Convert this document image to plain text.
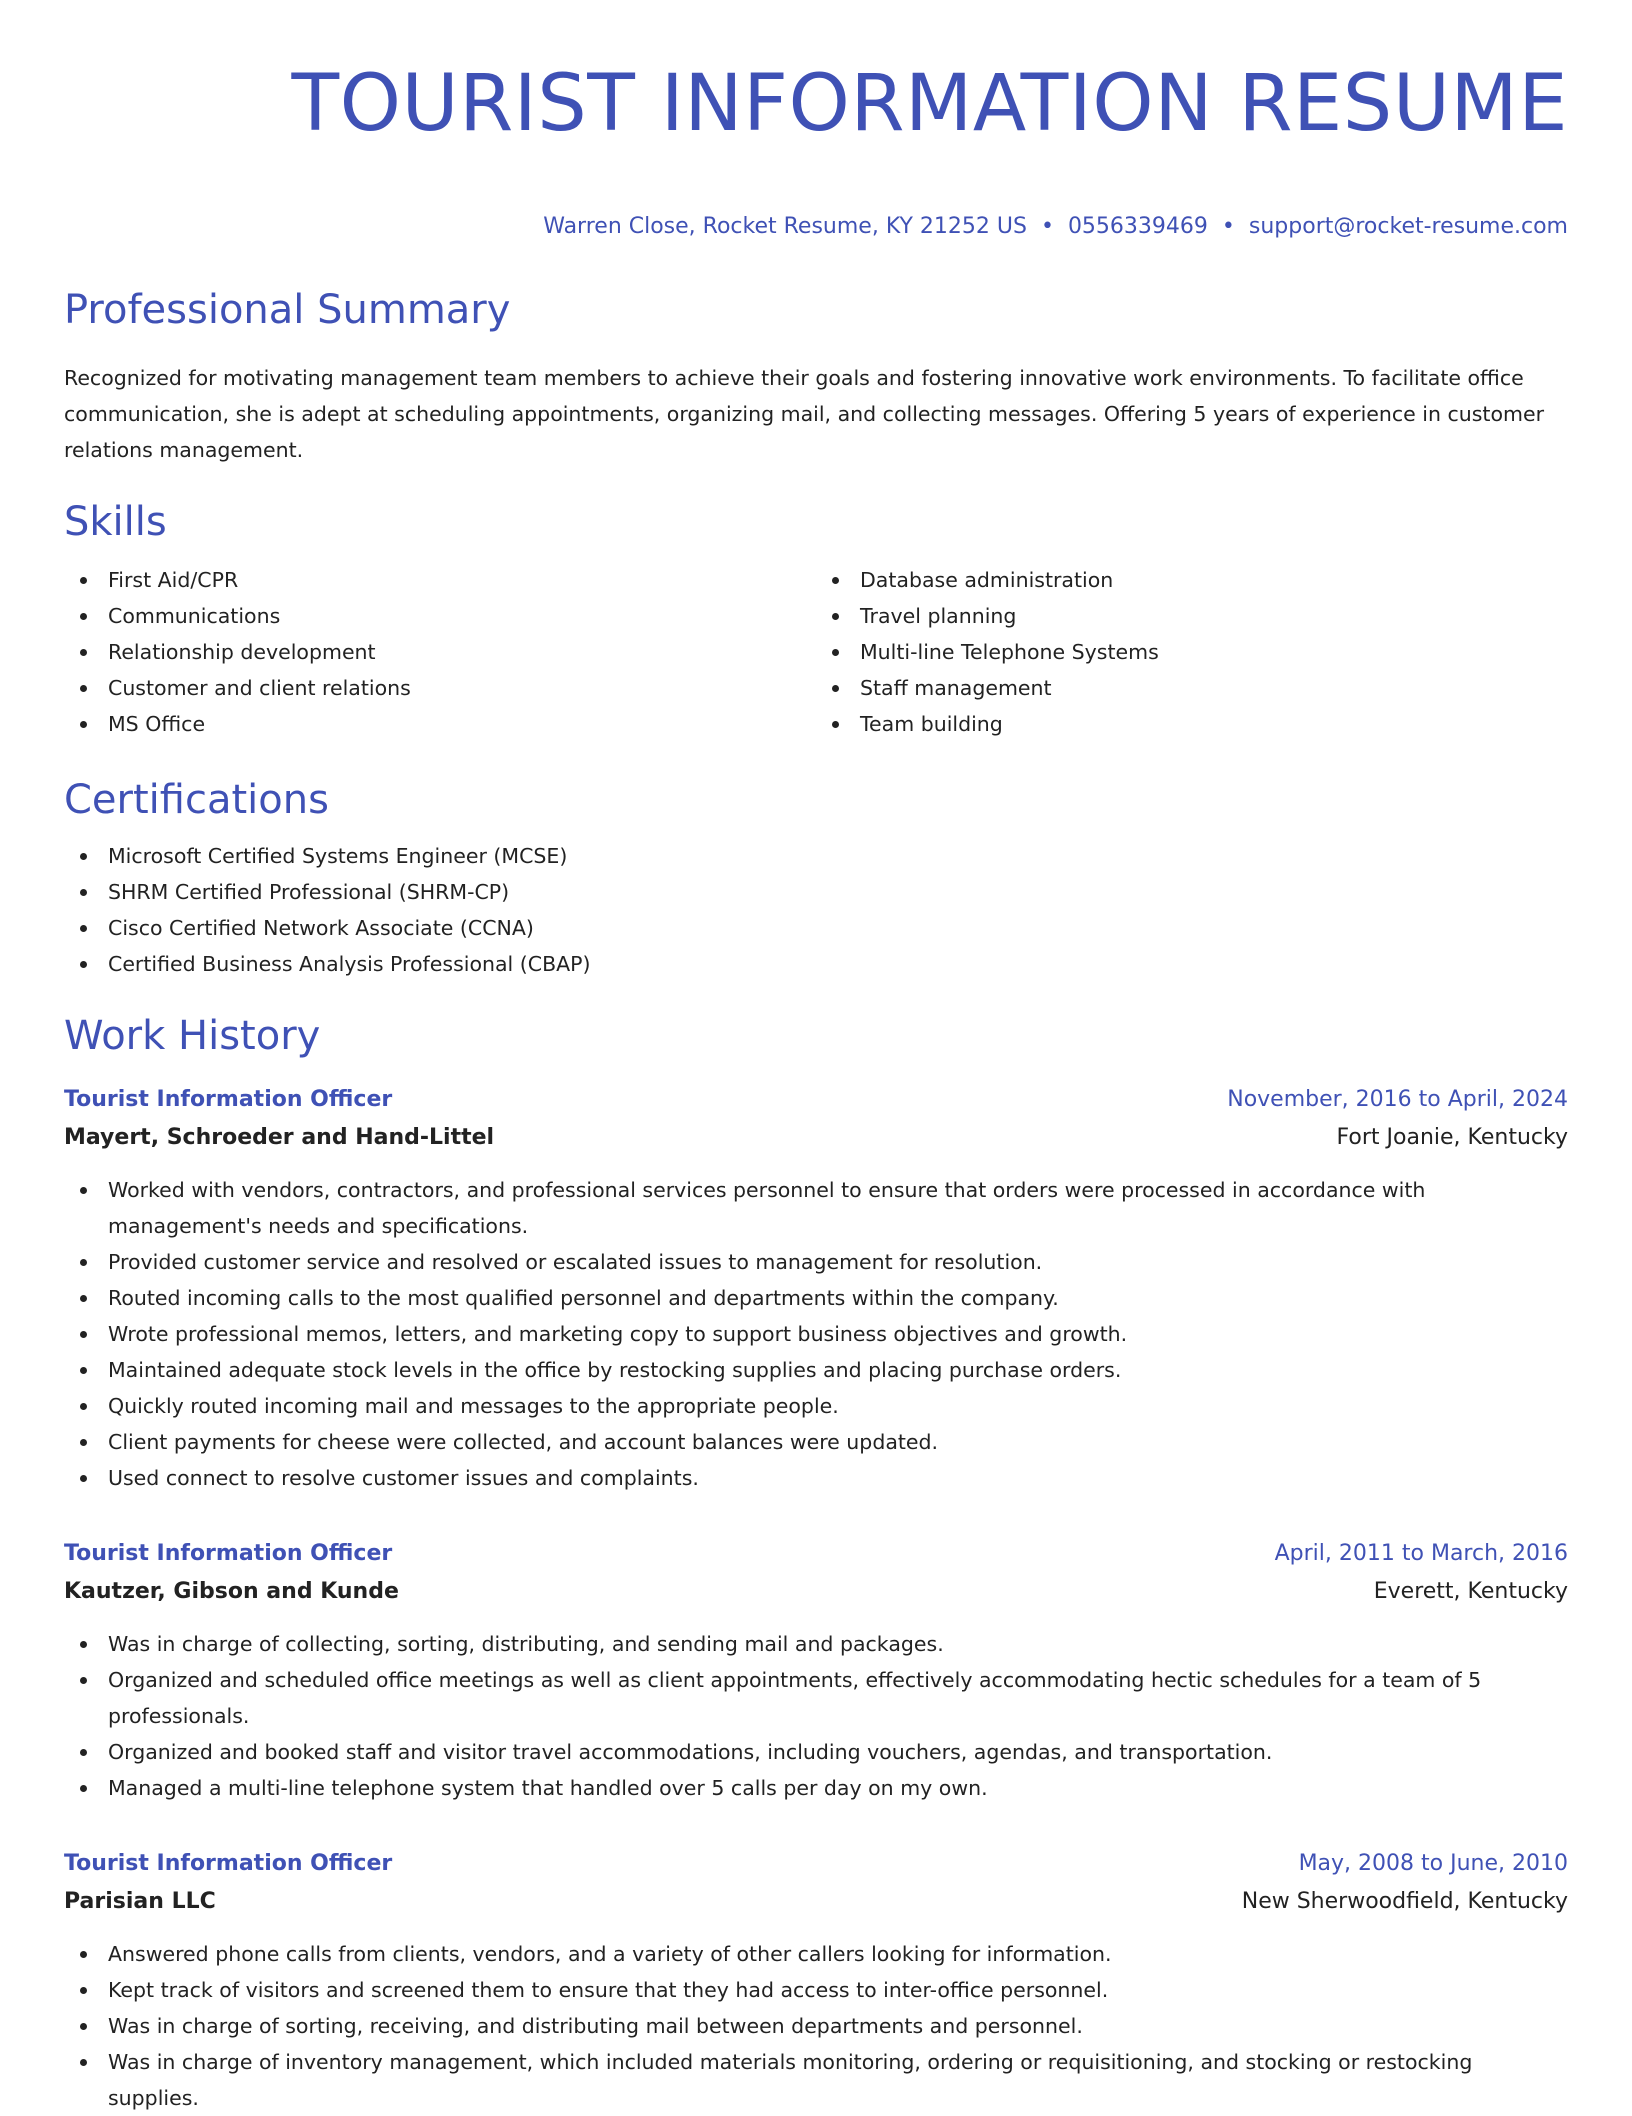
TOURIST INFORMATION RESUME
Warren Close, Rocket Resume, KY 21252 US • 0556339469 • support@rocket-resume.com
Professional Summary

Recognized for motivating management team members to achieve their goals and fostering innovative work environments. To facilitate office communication, she is adept at scheduling appointments, organizing mail, and collecting messages. Offering 5 years of experience in customer relations management.

Skills
First Aid/CPR
Communications
Relationship development
Customer and client relations
MS Office
Database administration
Travel planning
Multi-line Telephone Systems
Staff management
Team building
Certifications
Microsoft Certified Systems Engineer (MCSE)
SHRM Certified Professional (SHRM-CP)
Cisco Certified Network Associate (CCNA)
Certified Business Analysis Professional (CBAP)
Work History
Tourist Information Officer	November, 2016 to April, 2024
Mayert, Schroeder and Hand-Littel	Fort Joanie, Kentucky
Worked with vendors, contractors, and professional services personnel to ensure that orders were processed in accordance with management's needs and specifications.
Provided customer service and resolved or escalated issues to management for resolution.
Routed incoming calls to the most qualified personnel and departments within the company.
Wrote professional memos, letters, and marketing copy to support business objectives and growth.
Maintained adequate stock levels in the office by restocking supplies and placing purchase orders.
Quickly routed incoming mail and messages to the appropriate people.
Client payments for cheese were collected, and account balances were updated.
Used connect to resolve customer issues and complaints.
Tourist Information Officer	April, 2011 to March, 2016
Kautzer, Gibson and Kunde	Everett, Kentucky
Was in charge of collecting, sorting, distributing, and sending mail and packages.
Organized and scheduled office meetings as well as client appointments, effectively accommodating hectic schedules for a team of 5 professionals.
Organized and booked staff and visitor travel accommodations, including vouchers, agendas, and transportation.
Managed a multi-line telephone system that handled over 5 calls per day on my own.
Tourist Information Officer	May, 2008 to June, 2010
Parisian LLC	New Sherwoodfield, Kentucky
Answered phone calls from clients, vendors, and a variety of other callers looking for information.
Kept track of visitors and screened them to ensure that they had access to inter-office personnel.
Was in charge of sorting, receiving, and distributing mail between departments and personnel.
Was in charge of inventory management, which included materials monitoring, ordering or requisitioning, and stocking or restocking supplies.
